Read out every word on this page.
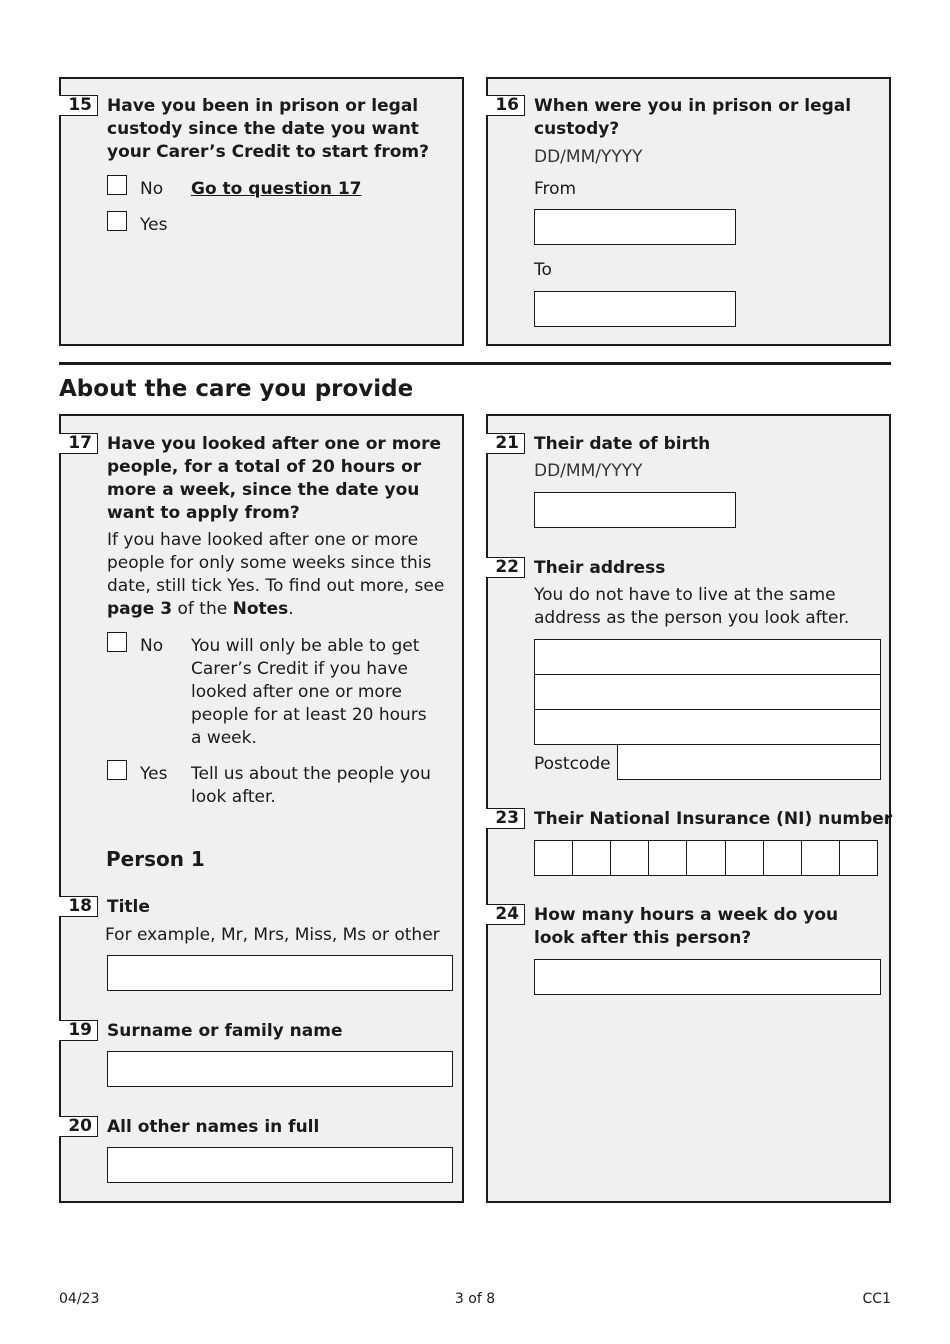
15 Have you been in prison or legal custody since the date you want your Carer’s Credit to start from?
No Go to question 17
Yes
16 When were you in prison or legal custody?
DD/MM/YYYY
From
To
About the care you provide
17 Have you looked after one or more people, for a total of 20 hours or more a week, since the date you want to apply from?
If you have looked after one or more people for only some weeks since this date, still tick Yes. To find out more, see page 3 of the Notes.
No You will only be able to get Carer’s Credit if you have looked after one or more people for at least 20 hours a week.
Yes Tell us about the people you look after.
Person 1
18 Title
For example, Mr, Mrs, Miss, Ms or other
19 Surname or family name
20 All other names in full
21 Their date of birth
DD/MM/YYYY
22 Their address
You do not have to live at the same address as the person you look after.
Postcode
23 Their National Insurance (NI) number
24 How many hours a week do you look after this person?
04/23	3 of 8	CC1
